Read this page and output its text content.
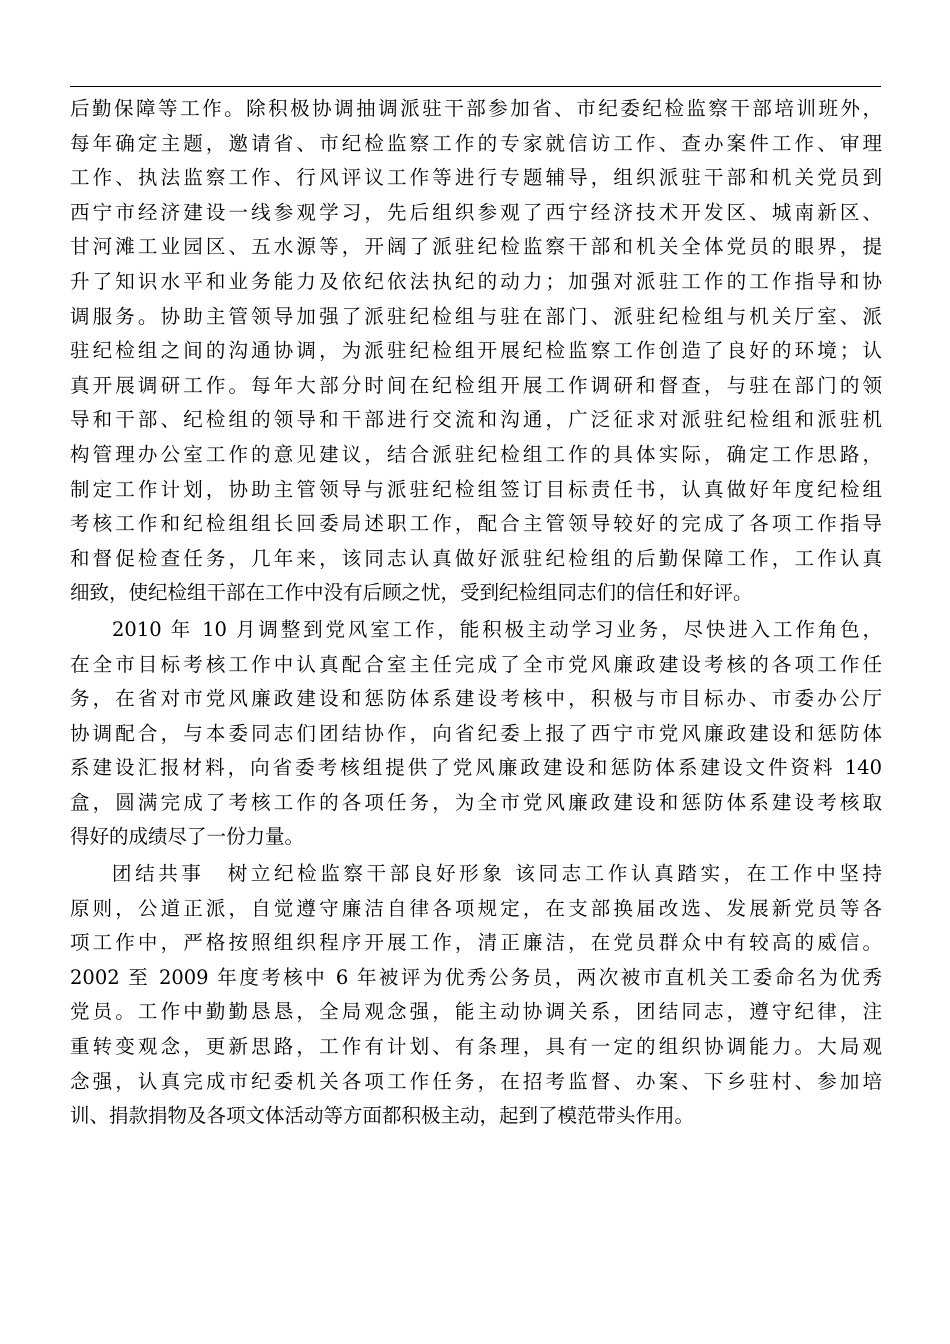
后勤保障等工作。除积极协调抽调派驻干部参加省、市纪委纪检监察干部培训班外，
每年确定主题，邀请省、市纪检监察工作的专家就信访工作、查办案件工作、审理
工作、执法监察工作、行风评议工作等进行专题辅导，组织派驻干部和机关党员到
西宁市经济建设一线参观学习，先后组织参观了西宁经济技术开发区、城南新区、
甘河滩工业园区、五水源等，开阔了派驻纪检监察干部和机关全体党员的眼界，提
升了知识水平和业务能力及依纪依法执纪的动力；加强对派驻工作的工作指导和协
调服务。协助主管领导加强了派驻纪检组与驻在部门、派驻纪检组与机关厅室、派
驻纪检组之间的沟通协调，为派驻纪检组开展纪检监察工作创造了良好的环境；认
真开展调研工作。每年大部分时间在纪检组开展工作调研和督查，与驻在部门的领
导和干部、纪检组的领导和干部进行交流和沟通，广泛征求对派驻纪检组和派驻机
构管理办公室工作的意见建议，结合派驻纪检组工作的具体实际，确定工作思路，
制定工作计划，协助主管领导与派驻纪检组签订目标责任书，认真做好年度纪检组
考核工作和纪检组组长回委局述职工作，配合主管领导较好的完成了各项工作指导
和督促检查任务，几年来，该同志认真做好派驻纪检组的后勤保障工作，工作认真
细致，使纪检组干部在工作中没有后顾之忧，受到纪检组同志们的信任和好评。
2010 年 10 月调整到党风室工作，能积极主动学习业务，尽快进入工作角色，
在全市目标考核工作中认真配合室主任完成了全市党风廉政建设考核的各项工作任
务，在省对市党风廉政建设和惩防体系建设考核中，积极与市目标办、市委办公厅
协调配合，与本委同志们团结协作，向省纪委上报了西宁市党风廉政建设和惩防体
系建设汇报材料，向省委考核组提供了党风廉政建设和惩防体系建设文件资料 140
盒，圆满完成了考核工作的各项任务，为全市党风廉政建设和惩防体系建设考核取
得好的成绩尽了一份力量。
团结共事　树立纪检监察干部良好形象 该同志工作认真踏实，在工作中坚持
原则，公道正派，自觉遵守廉洁自律各项规定，在支部换届改选、发展新党员等各
项工作中，严格按照组织程序开展工作，清正廉洁，在党员群众中有较高的威信。
2002 至 2009 年度考核中 6 年被评为优秀公务员，两次被市直机关工委命名为优秀
党员。工作中勤勤恳恳，全局观念强，能主动协调关系，团结同志，遵守纪律，注
重转变观念，更新思路，工作有计划、有条理，具有一定的组织协调能力。大局观
念强，认真完成市纪委机关各项工作任务，在招考监督、办案、下乡驻村、参加培
训、捐款捐物及各项文体活动等方面都积极主动，起到了模范带头作用。
